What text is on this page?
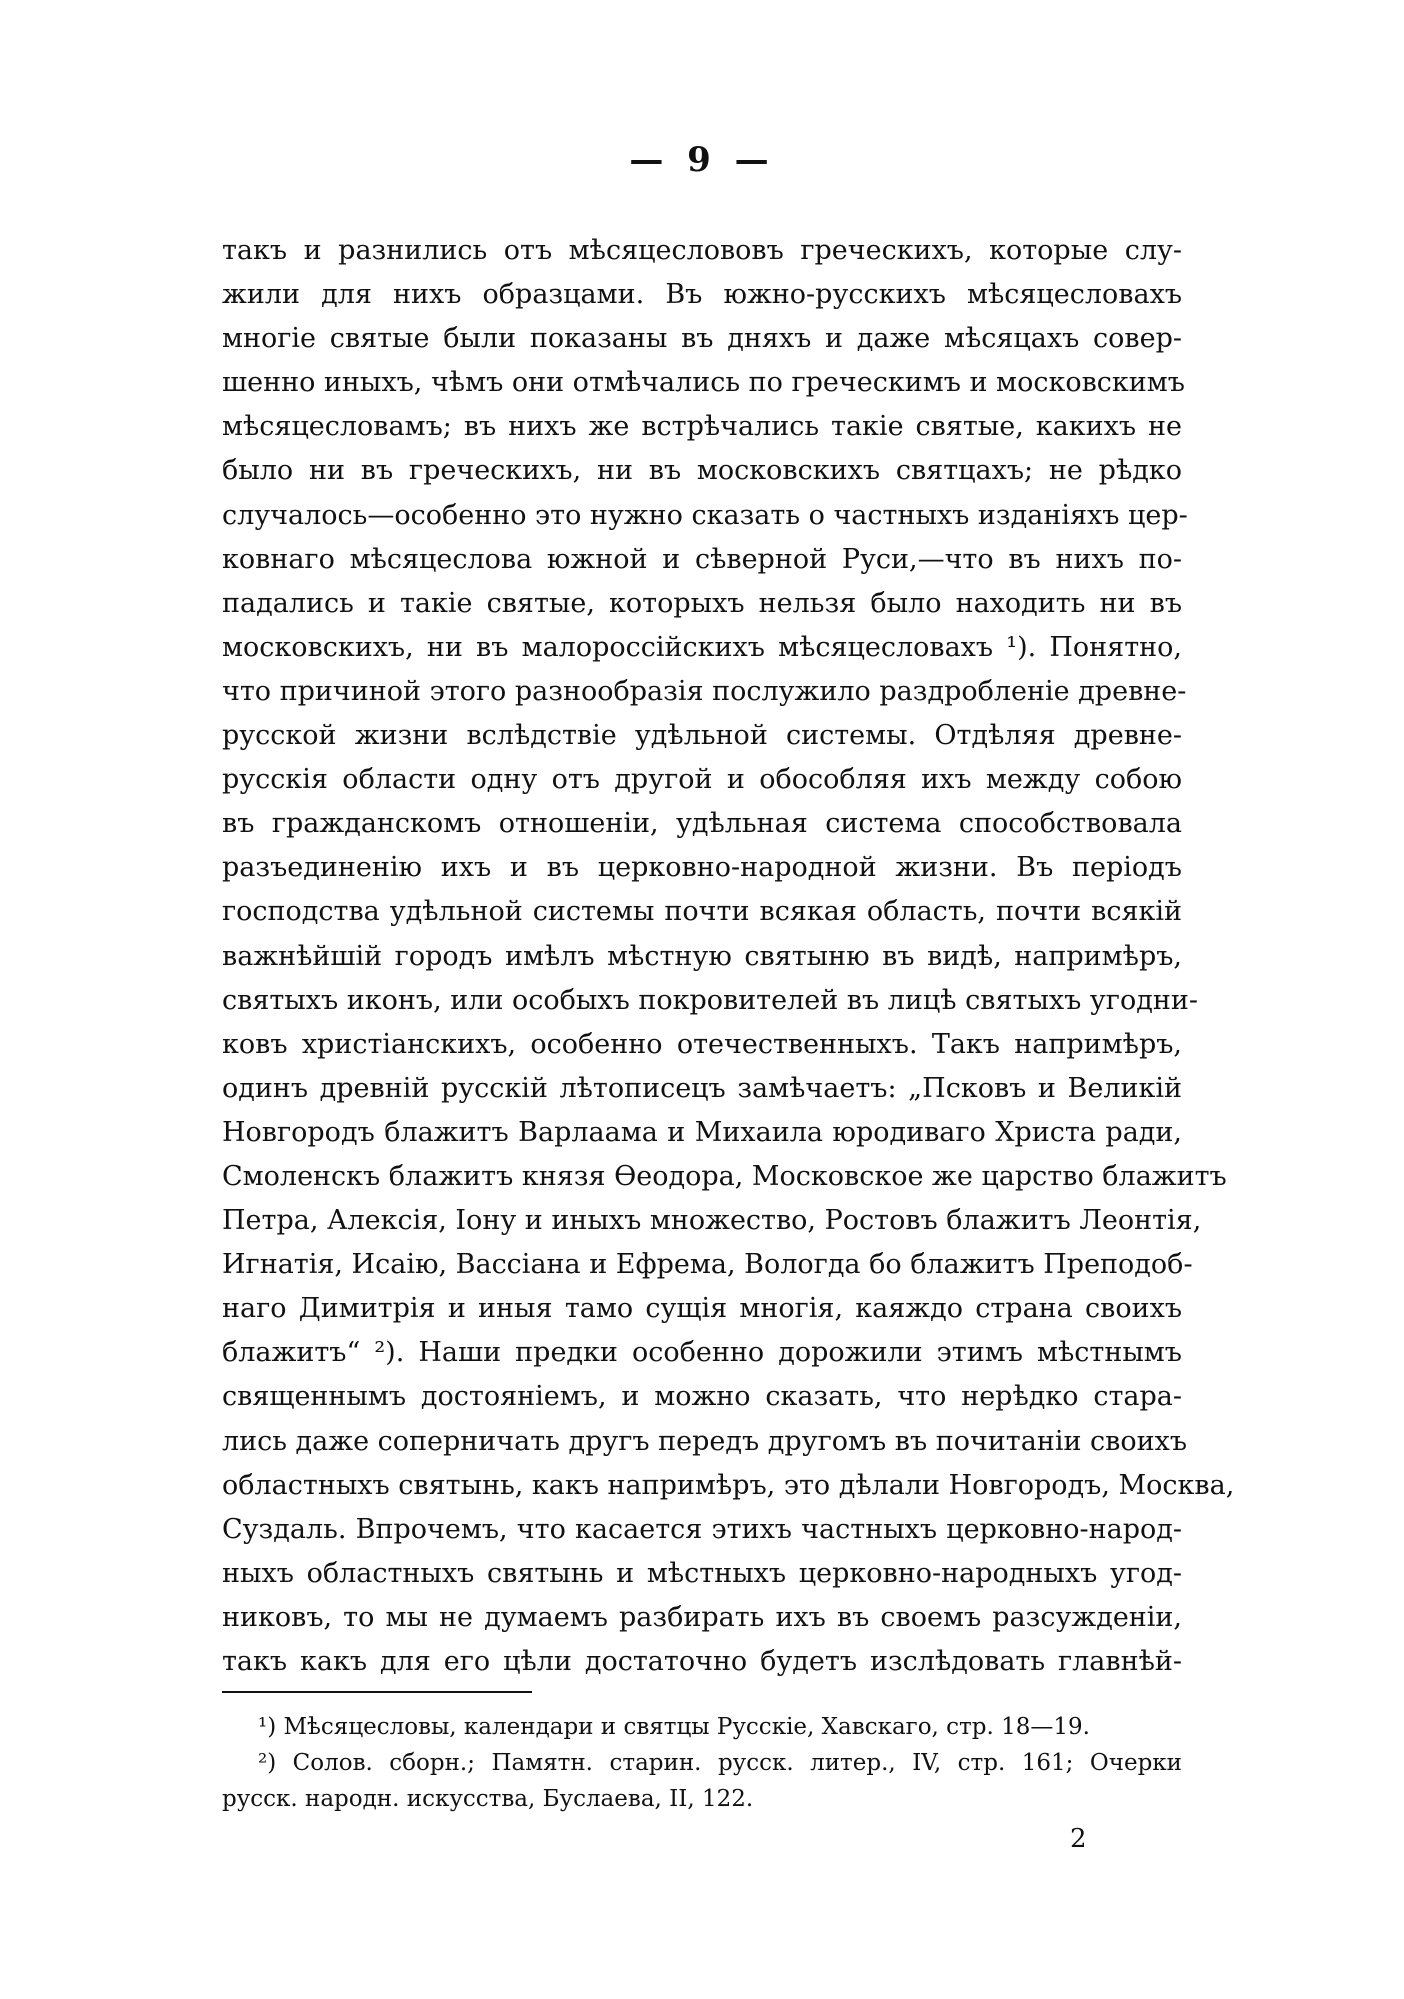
— 9 —
такъ и разнились отъ мѣсяцеслововъ греческихъ, которые слу-
жили для нихъ образцами. Въ южно-русскихъ мѣсяцесловахъ
многіе святые были показаны въ дняхъ и даже мѣсяцахъ совер-
шенно иныхъ, чѣмъ они отмѣчались по греческимъ и московскимъ
мѣсяцесловамъ; въ нихъ же встрѣчались такіе святые, какихъ не
было ни въ греческихъ, ни въ московскихъ святцахъ; не рѣдко
случалось—особенно это нужно сказать о частныхъ изданіяхъ цер-
ковнаго мѣсяцеслова южной и сѣверной Руси,—что въ нихъ по-
падались и такіе святые, которыхъ нельзя было находить ни въ
московскихъ, ни въ малороссійскихъ мѣсяцесловахъ ¹). Понятно,
что причиной этого разнообразія послужило раздробленіе древне-
русской жизни вслѣдствіе удѣльной системы. Отдѣляя древне-
русскія области одну отъ другой и обособляя ихъ между собою
въ гражданскомъ отношеніи, удѣльная система способствовала
разъединенію ихъ и въ церковно-народной жизни. Въ періодъ
господства удѣльной системы почти всякая область, почти всякій
важнѣйшій городъ имѣлъ мѣстную святыню въ видѣ, напримѣръ,
святыхъ иконъ, или особыхъ покровителей въ лицѣ святыхъ угодни-
ковъ христіанскихъ, особенно отечественныхъ. Такъ напримѣръ,
одинъ древній русскій лѣтописецъ замѣчаетъ: „Псковъ и Великій
Новгородъ блажитъ Варлаама и Михаила юродиваго Христа ради,
Смоленскъ блажитъ князя Ѳеодора, Московское же царство блажитъ
Петра, Алексія, Іону и иныхъ множество, Ростовъ блажитъ Леонтія,
Игнатія, Исаію, Вассіана и Ефрема, Вологда бо блажитъ Преподоб-
наго Димитрія и иныя тамо сущія многія, каяждо страна своихъ
блажитъ“ ²). Наши предки особенно дорожили этимъ мѣстнымъ
священнымъ достояніемъ, и можно сказать, что нерѣдко стара-
лись даже соперничать другъ передъ другомъ въ почитаніи своихъ
областныхъ святынь, какъ напримѣръ, это дѣлали Новгородъ, Москва,
Суздаль. Впрочемъ, что касается этихъ частныхъ церковно-народ-
ныхъ областныхъ святынь и мѣстныхъ церковно-народныхъ угод-
никовъ, то мы не думаемъ разбирать ихъ въ своемъ разсужденіи,
такъ какъ для его цѣли достаточно будетъ изслѣдовать главнѣй-
¹) Мѣсяцесловы, календари и святцы Русскіе, Хавскаго, стр. 18—19.
²) Солов. сборн.; Памятн. старин. русск. литер., IV, стр. 161; Очерки
русск. народн. искусства, Буслаева, II, 122.
2
